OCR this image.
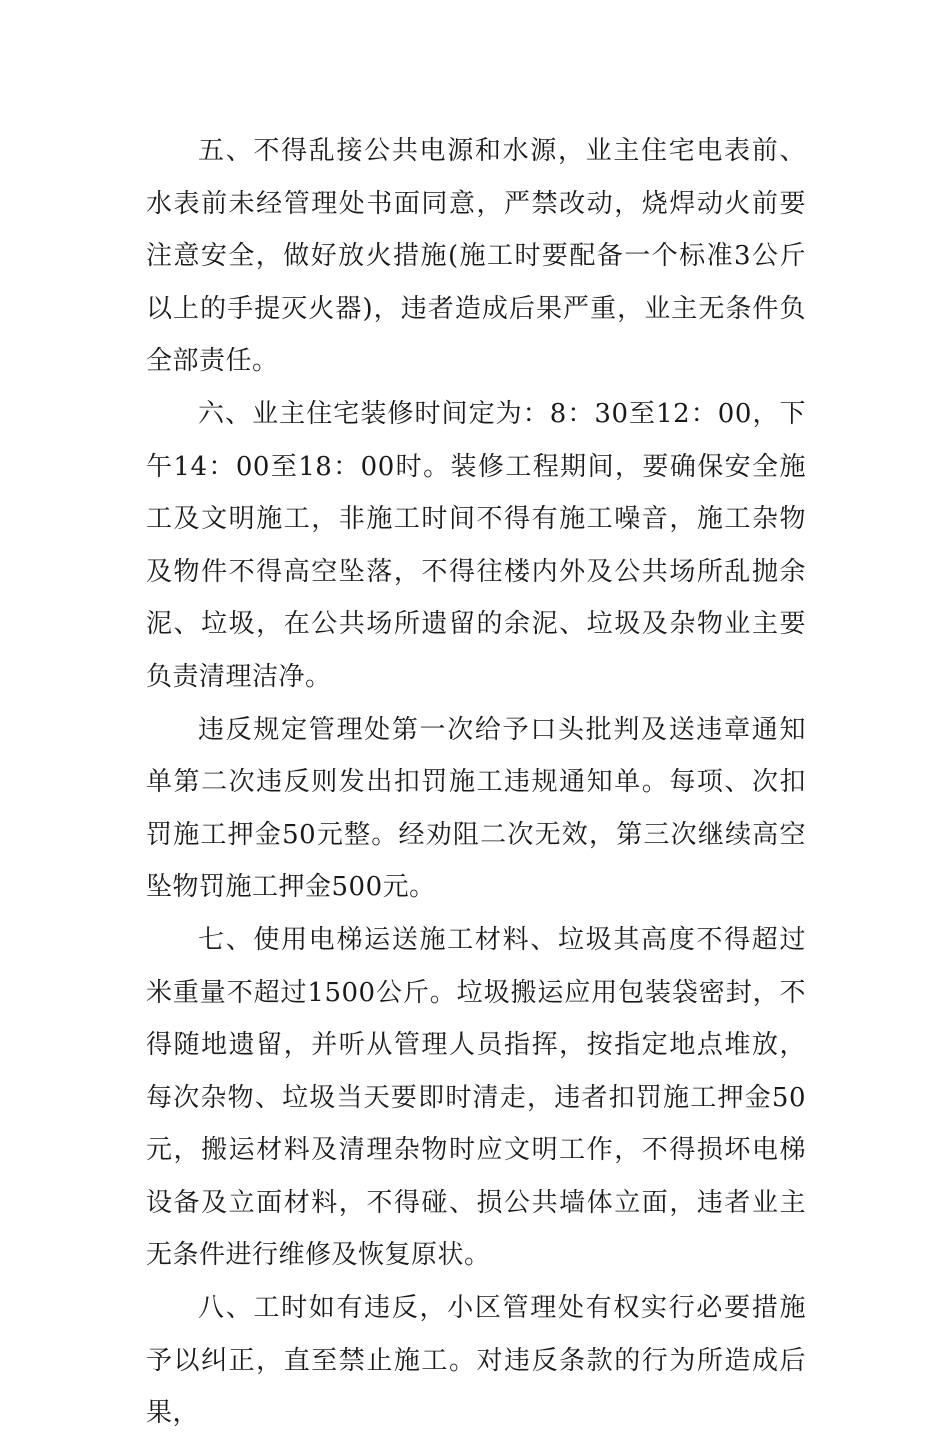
五、不得乱接公共电源和水源，业主住宅电表前、水表前未经管理处书面同意，严禁改动，烧焊动火前要注意安全，做好放火措施(施工时要配备一个标准3公斤以上的手提灭火器)，违者造成后果严重，业主无条件负全部责任。

六、业主住宅装修时间定为：8：30至12：00，下午14：00至18：00时。装修工程期间，要确保安全施工及文明施工，非施工时间不得有施工噪音，施工杂物及物件不得高空坠落，不得往楼内外及公共场所乱抛余泥、垃圾，在公共场所遗留的余泥、垃圾及杂物业主要负责清理洁净。

违反规定管理处第一次给予口头批判及送违章通知单第二次违反则发出扣罚施工违规通知单。每项、次扣罚施工押金50元整。经劝阻二次无效，第三次继续高空坠物罚施工押金500元。

七、使用电梯运送施工材料、垃圾其高度不得超过米重量不超过1500公斤。垃圾搬运应用包装袋密封，不得随地遗留，并听从管理人员指挥，按指定地点堆放，每次杂物、垃圾当天要即时清走，违者扣罚施工押金50元，搬运材料及清理杂物时应文明工作，不得损坏电梯设备及立面材料，不得碰、损公共墙体立面，违者业主无条件进行维修及恢复原状。

八、工时如有违反，小区管理处有权实行必要措施予以纠正，直至禁止施工。对违反条款的行为所造成后果，
